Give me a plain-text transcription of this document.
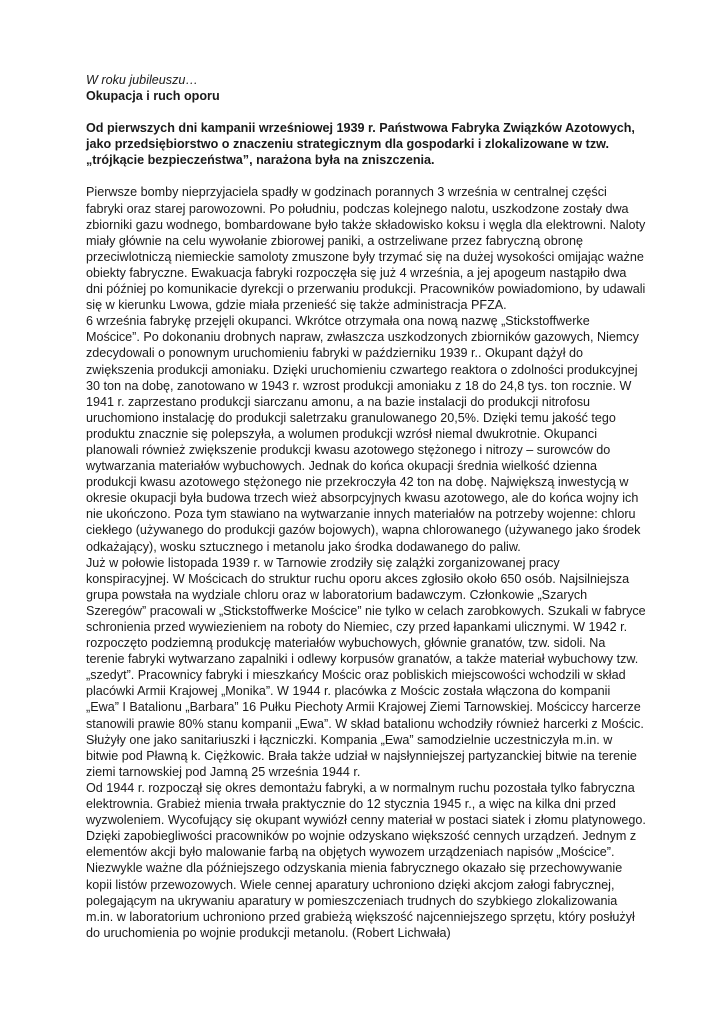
W roku jubileuszu…

Okupacja i ruch oporu

Od pierwszych dni kampanii wrześniowej 1939 r. Państwowa Fabryka Związków Azotowych, jako przedsiębiorstwo o znaczeniu strategicznym dla gospodarki i zlokalizowane w tzw. „trójkącie bezpieczeństwa”, narażona była na zniszczenia.

Pierwsze bomby nieprzyjaciela spadły w godzinach porannych 3 września w centralnej części fabryki oraz starej parowozowni. Po południu, podczas kolejnego nalotu, uszkodzone zostały dwa zbiorniki gazu wodnego, bombardowane było także składowisko koksu i węgla dla elektrowni. Naloty miały głównie na celu wywołanie zbiorowej paniki, a ostrzeliwane przez fabryczną obronę przeciwlotniczą niemieckie samoloty zmuszone były trzymać się na dużej wysokości omijając ważne obiekty fabryczne. Ewakuacja fabryki rozpoczęła się już 4 września, a jej apogeum nastąpiło dwa dni później po komunikacie dyrekcji o przerwaniu produkcji. Pracowników powiadomiono, by udawali się w kierunku Lwowa, gdzie miała przenieść się także administracja PFZA.

6 września fabrykę przejęli okupanci. Wkrótce otrzymała ona nową nazwę „Stickstoffwerke Mościce”. Po dokonaniu drobnych napraw, zwłaszcza uszkodzonych zbiorników gazowych, Niemcy zdecydowali o ponownym uruchomieniu fabryki w październiku 1939 r.. Okupant dążył do zwiększenia produkcji amoniaku. Dzięki uruchomieniu czwartego reaktora o zdolności produkcyjnej 30 ton na dobę, zanotowano w 1943 r. wzrost produkcji amoniaku z 18 do 24,8 tys. ton rocznie. W 1941 r. zaprzestano produkcji siarczanu amonu, a na bazie instalacji do produkcji nitrofosu uruchomiono instalację do produkcji saletrzaku granulowanego 20,5%. Dzięki temu jakość tego produktu znacznie się polepszyła, a wolumen produkcji wzrósł niemal dwukrotnie. Okupanci planowali również zwiększenie produkcji kwasu azotowego stężonego i nitrozy – surowców do wytwarzania materiałów wybuchowych. Jednak do końca okupacji średnia wielkość dzienna produkcji kwasu azotowego stężonego nie przekroczyła 42 ton na dobę. Największą inwestycją w okresie okupacji była budowa trzech wież absorpcyjnych kwasu azotowego, ale do końca wojny ich nie ukończono. Poza tym stawiano na wytwarzanie innych materiałów na potrzeby wojenne: chloru ciekłego (używanego do produkcji gazów bojowych), wapna chlorowanego (używanego jako środek odkażający), wosku sztucznego i metanolu jako środka dodawanego do paliw.

Już w połowie listopada 1939 r. w Tarnowie zrodziły się zalążki zorganizowanej pracy konspiracyjnej. W Mościcach do struktur ruchu oporu akces zgłosiło około 650 osób. Najsilniejsza grupa powstała na wydziale chloru oraz w laboratorium badawczym. Członkowie „Szarych Szeregów” pracowali w „Stickstoffwerke Mościce” nie tylko w celach zarobkowych. Szukali w fabryce schronienia przed wywiezieniem na roboty do Niemiec, czy przed łapankami ulicznymi. W 1942 r. rozpoczęto podziemną produkcję materiałów wybuchowych, głównie granatów, tzw. sidoli. Na terenie fabryki wytwarzano zapalniki i odlewy korpusów granatów, a także materiał wybuchowy tzw. „szedyt”. Pracownicy fabryki i mieszkańcy Mościc oraz pobliskich miejscowości wchodzili w skład placówki Armii Krajowej „Monika”. W 1944 r. placówka z Mościc została włączona do kompanii „Ewa” I Batalionu „Barbara” 16 Pułku Piechoty Armii Krajowej Ziemi Tarnowskiej. Mościccy harcerze stanowili prawie 80% stanu kompanii „Ewa”. W skład batalionu wchodziły również harcerki z Mościc. Służyły one jako sanitariuszki i łączniczki. Kompania „Ewa” samodzielnie uczestniczyła m.in. w bitwie pod Pławną k. Ciężkowic. Brała także udział w najsłynniejszej partyzanckiej bitwie na terenie ziemi tarnowskiej pod Jamną 25 września 1944 r.

Od 1944 r. rozpoczął się okres demontażu fabryki, a w normalnym ruchu pozostała tylko fabryczna elektrownia. Grabież mienia trwała praktycznie do 12 stycznia 1945 r., a więc na kilka dni przed wyzwoleniem. Wycofujący się okupant wywiózł cenny materiał w postaci siatek i złomu platynowego. Dzięki zapobiegliwości pracowników po wojnie odzyskano większość cennych urządzeń. Jednym z elementów akcji było malowanie farbą na objętych wywozem urządzeniach napisów „Mościce”. Niezwykle ważne dla późniejszego odzyskania mienia fabrycznego okazało się przechowywanie kopii listów przewozowych. Wiele cennej aparatury uchroniono dzięki akcjom załogi fabrycznej, polegającym na ukrywaniu aparatury w pomieszczeniach trudnych do szybkiego zlokalizowania m.in. w laboratorium uchroniono przed grabieżą większość najcenniejszego sprzętu, który posłużył do uruchomienia po wojnie produkcji metanolu. (Robert Lichwała)
